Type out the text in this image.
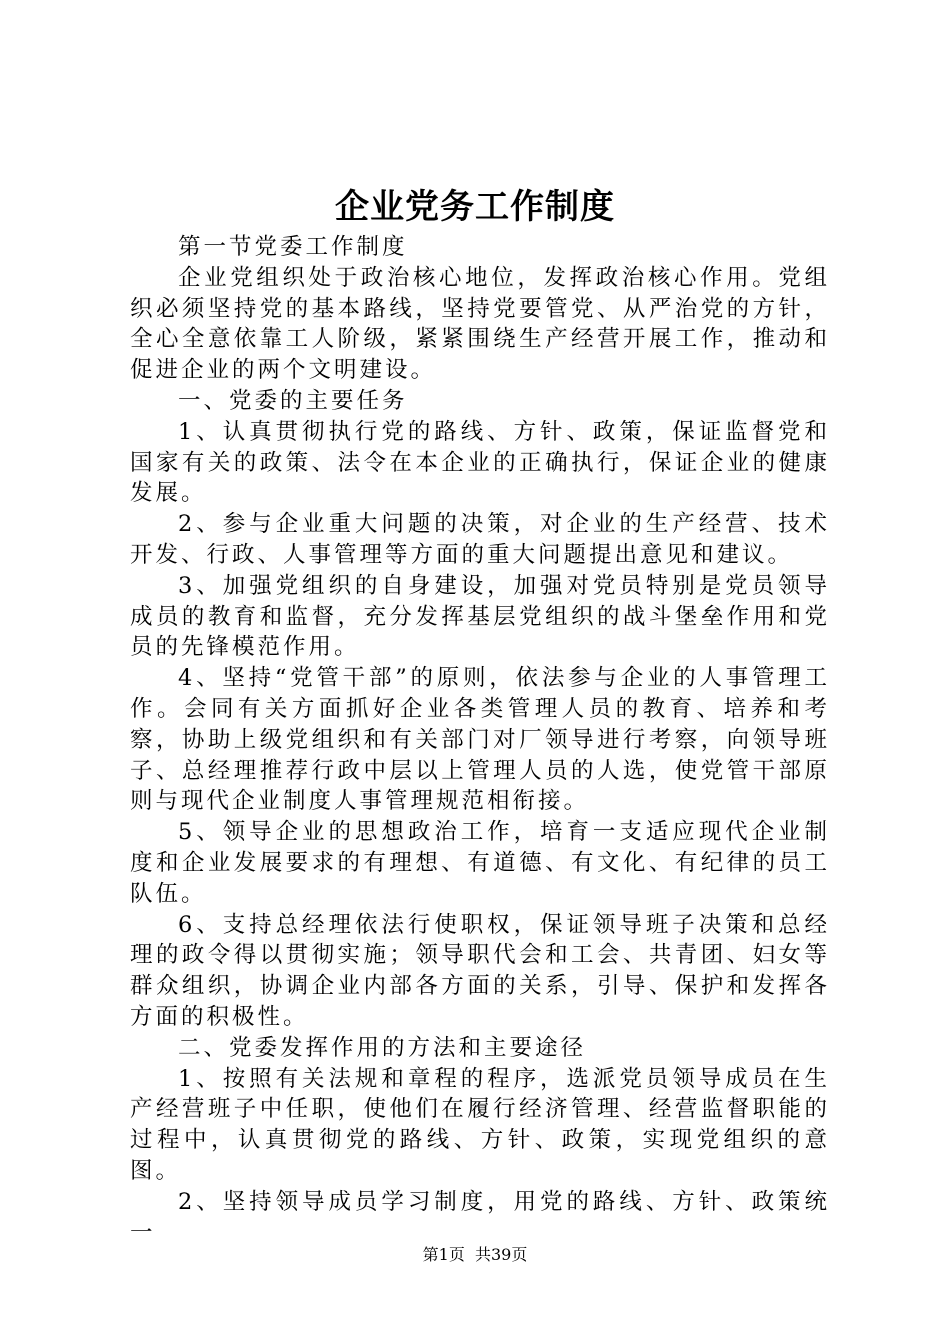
企业党务工作制度

第一节党委工作制度

企业党组织处于政治核心地位，发挥政治核心作用。党组织必须坚持党的基本路线，坚持党要管党、从严治党的方针，全心全意依靠工人阶级，紧紧围绕生产经营开展工作，推动和促进企业的两个文明建设。

一、党委的主要任务

1、认真贯彻执行党的路线、方针、政策，保证监督党和国家有关的政策、法令在本企业的正确执行，保证企业的健康发展。

2、参与企业重大问题的决策，对企业的生产经营、技术开发、行政、人事管理等方面的重大问题提出意见和建议。

3、加强党组织的自身建设，加强对党员特别是党员领导成员的教育和监督，充分发挥基层党组织的战斗堡垒作用和党员的先锋模范作用。

4、坚持“党管干部”的原则，依法参与企业的人事管理工作。会同有关方面抓好企业各类管理人员的教育、培养和考察，协助上级党组织和有关部门对厂领导进行考察，向领导班子、总经理推荐行政中层以上管理人员的人选，使党管干部原则与现代企业制度人事管理规范相衔接。

5、领导企业的思想政治工作，培育一支适应现代企业制度和企业发展要求的有理想、有道德、有文化、有纪律的员工队伍。

6、支持总经理依法行使职权，保证领导班子决策和总经理的政令得以贯彻实施；领导职代会和工会、共青团、妇女等群众组织，协调企业内部各方面的关系，引导、保护和发挥各方面的积极性。

二、党委发挥作用的方法和主要途径

1、按照有关法规和章程的程序，选派党员领导成员在生产经营班子中任职，使他们在履行经济管理、经营监督职能的过程中，认真贯彻党的路线、方针、政策，实现党组织的意图。

2、坚持领导成员学习制度，用党的路线、方针、政策统一

第1页  共39页
